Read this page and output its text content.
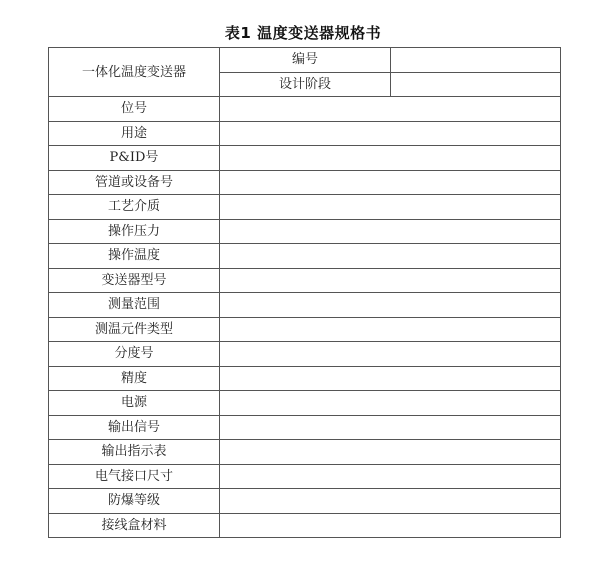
表1 温度变送器规格书
一体化温度变送器	编号	
	设计阶段	
位号		
用途		
P&ID号		
管道或设备号		
工艺介质		
操作压力		
操作温度		
变送器型号		
测量范围		
测温元件类型		
分度号		
精度		
电源		
输出信号		
输出指示表		
电气接口尺寸		
防爆等级		
接线盒材料		
